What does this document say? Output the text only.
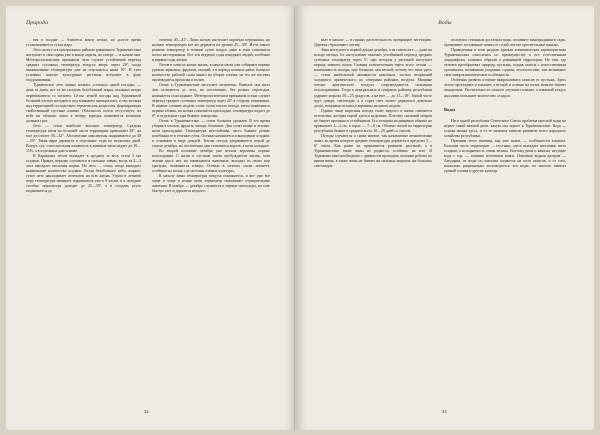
Природа

вея в полдне — близится конец весны, на долгое время устанавливается сухая жара.

Лето на юге и в центральных районах равнинного Туркменистана наступает в свои права уже в конце апреля, на севере — в начале мая. Метеорологическим признаком лета служит устойчивый переход средних суточных температур воздуха вверх через 20°, когда минимальные температуры уже не опускаются ниже 10°. В этих условиях многие культурные растения вступают в фазу плодоношения.

Туркменское лето можно назвать «сезоном одной погоды» — день за днем, все та же полдень безоблачной жары, пыльные ветры перемежаются со штилем. Сезон летней погоды над Туркменией большей частью находится под влиянием антициклона, в эти месяцы над территорией господствует термическая депрессия, формирующая свойственный пустыне климат. Облачность почти отсутствует, на небе ни облачка, лишь к вечеру изредка появляются вспышки дальних гроз.

Лето — сезон наиболее высоких температур. Средняя температура июля на большей части территории превышает 28°, на юге достигает 30—32°. Абсолютные максимумы поднимаются до 48—50°. Такая жара держится в отдельные годы по нескольку дней. Воздух сух, относительная влажность в дневные часы падает до 10—15%, а в отдельные дни и ниже.

В Каракумах летом выпадает в среднем за весь сезон 3 мм осадков. Правда, нередко случаются и сильные ливни, когда за 2—3 часа выпадает месячная норма. Но лето — сезон, когда выпадает наименьшее количество осадков. Летом безоблачное небо, жаркое, сухое лето накладывает отпечаток на всю жизнь. Утром в летнюю пору температура начинает подниматься уже к 9 часам, и к полудню столбик термометра доходит до 25—30°, а в полдень ртуть поднимается до

отметки 40—42°. Лишь ночью наступает короткая передышка, но ночные температуры все же держатся на уровне 25—30°. Из-за такого режима температур в течение суток воздух даже в тени становится почти нестерпимым. Все эти ведущие годы изнуряют людей, особенно в первые годы жизни.

Летом в оазисах кипит жизнь, в начале июля уже собирают первые урожаи зерновых, фруктов, овощей, а в период полевых работ большое количество рабочей силы занято на уборке хлопка, на тех же посевах производятся прополка и полив.

Осень в Туркменистане наступает незаметно. Вначале она мало чем отличается от лета, но постепенно, без резких переходов, начинается похолодание. Метеорологическим признаком осени служит переход средних суточных температур через 20° в сторону понижения. В первые осенние недели стоит сухая теплая погода, затем появляются первые облака, по ночам становится прохладно, температура падает до 0°, в отдельные годы бывают заморозки.

Осень в Туркменистане — сезон больших урожаев. В это время убирают хлопок, фрукты, овощи, бахчевые. Дни стоят ясные и теплые, ночи прохладные. Температура неустойчива, часто бывают резкие колебания ее в течение суток. Осенью начинается и выпадение осадков, в основном в виде дождей. Теплая погода удерживается порой до самого декабря, но постепенно дни становятся короче, а ночи холоднее.

Во второй половине октября уже весьма вероятны первые похолодания. С ними в пустыне снова пробуждается жизнь, хотя зелени здесь нет, но оживляются животные, выходят из своих нор грызуны, появляются птицы. Осенью в оазисах снова зеленеет, особенно на полях, где посеяны озимые культуры.

К началу зимы температура воздуха понижается, и вот уже все чаще и чаще в ясные ночи термометр показывает отрицательные значения. В ноябре — декабре случаются и первые снегопады, но снег быстро тает и держится недолго.

32
Воды

вьет в начале — в горных растительность прекращает вегетацию. Деревья сбрасывают листву.

Зима наступает в первой декаде декабря, а на самом юге — даже на исходе месяца. Ее наступление означает устойчивый переход средних суточных температур через 5°, при котором у растений наступает период зимнего покоя. Главная отличительная черта этого сезона — изменчивость погоды, еще большая, чем весной, потому что зима здесь — сезон наибольшей активности циклонов, частых вторжений холодного, арктического, по северным районам, воздуха. Мощные потоки арктического воздуха сопровождаются сильными похолоданиями. Тогда в центральных и северных районах республики ударяют морозы 20—25 градусов, а на юге — до 15—18°. Зимой часто идут дожди, снегопады, а в горах снег может держаться довольно долго, покрывая склоны и вершины на много недель.

Однако чаще морозная погода стоит недолго и вновь сменяется оттепелью, которая порой длится неделями. Поэтому снежный покров не бывает прочным и устойчивым. Его толщина на равнинах обычно не превышает 1—2 см, в горах — 7—8 см. Обычно зимой на территории республики бывает в среднем всего 10—20 дней со снегом.

Погоды случаются и снова мягкие, так называемые вечнозеленые зимы, во время которых средние температуры держатся в пределах 5—6° тепла. Как ранее не прерывается развитие растений, а в Туркменистане такие зимы не редкость, особенно на юге. В Туркменистане необходимо с древности проводить полевые работы во время зимы, в такие зимы не бывает ни сильных морозов, ни больших снегопадов.

пользуясь сезонным достатком воды, поливают виноградники и сады, промывают засоленные почвы от солей, чистят оросительные каналы.

Приведенная в этом разделе краткая климатическая характеристика Туркменистана относилась по преимуществу к его естественным ландшафтам, главным образом к равнинной территории. Но там, где человек преобразовал природу пустынь, создав оазисы с искусственным орошением, поливными угодьями, садами, лесополосами, там возникают свои микроклиматические особенности.

Особенно развито отличие микроклимата оазисов от пустынь. Здесь летом прохладнее и влажнее, а весной и осенью на полях меньше бывает заморозков. Растительность оазисов улучшает климат, а влажный воздух над ними повышает количество осадков.

Воды

Ни в одной республике Советского Союза проблема пресной воды не играет такой важной роли, какую она играет в Туркменистане. Вода — основа жизни здесь, и от ее наличия зависит развитие всего народного хозяйства республики.

Причины этого явления, как уже знаем, — особенности климата. Большая часть территории — пустыни, здесь выпадает ничтожно мало осадков, а испаряемость очень велика. Поэтому реки и каналы, несущие воду с гор, — главные источники влаги. Основная водная артерия — Амударья, ее воды по каналам подаются на поля оазисов, и от того, насколько рационально используются эти воды, во многом зависит урожай хлопка и других культур.

33
